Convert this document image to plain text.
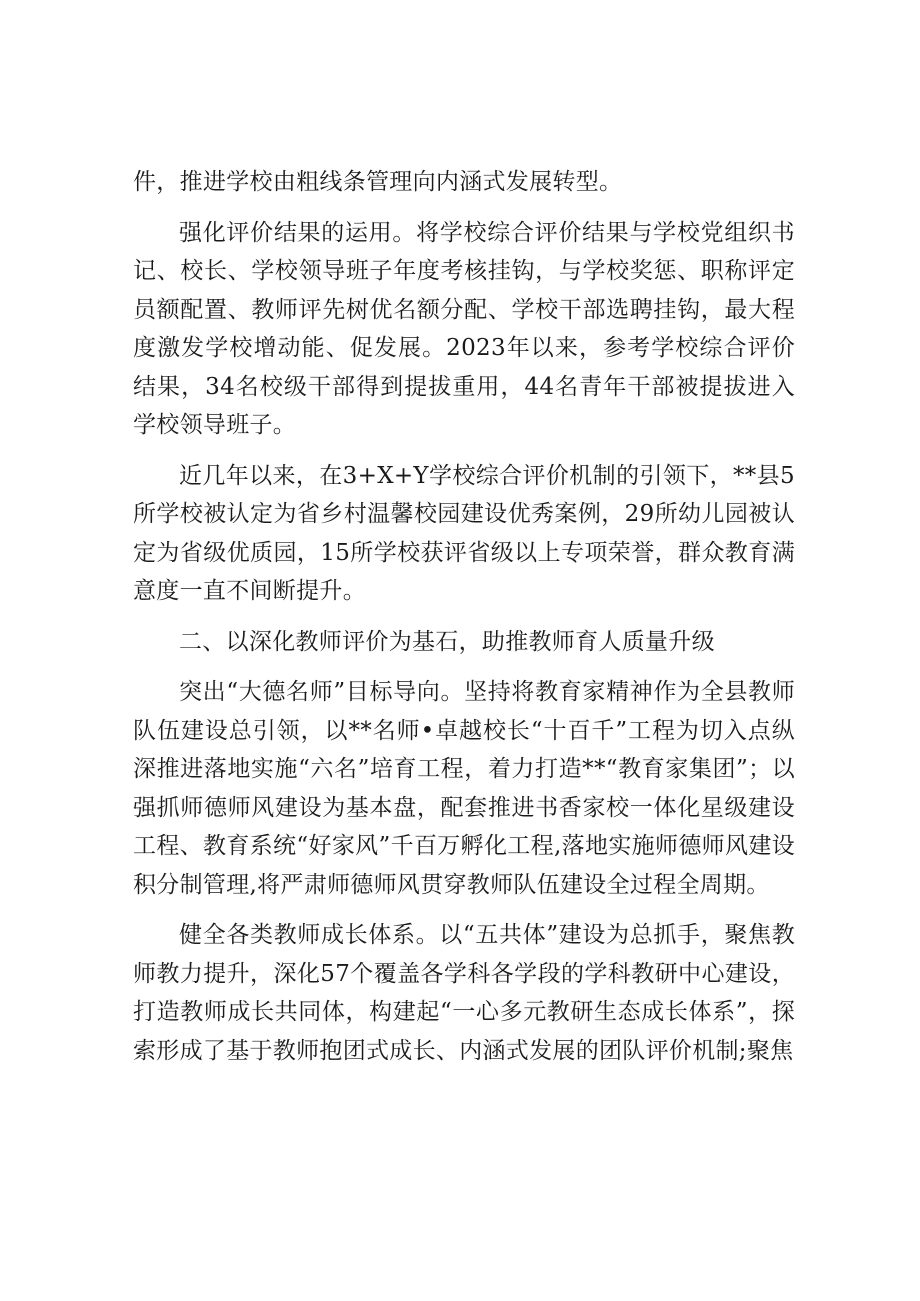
件，推进学校由粗线条管理向内涵式发展转型。

强化评价结果的运用。将学校综合评价结果与学校党组织书记、校长、学校领导班子年度考核挂钩，与学校奖惩、职称评定员额配置、教师评先树优名额分配、学校干部选聘挂钩，最大程度激发学校增动能、促发展。2023年以来，参考学校综合评价结果，34名校级干部得到提拔重用，44名青年干部被提拔进入学校领导班子。

近几年以来，在3+X+Y学校综合评价机制的引领下，**县5所学校被认定为省乡村温馨校园建设优秀案例，29所幼儿园被认定为省级优质园，15所学校获评省级以上专项荣誉，群众教育满意度一直不间断提升。

二、以深化教师评价为基石，助推教师育人质量升级

突出“大德名师”目标导向。坚持将教育家精神作为全县教师队伍建设总引领，以**名师•卓越校长“十百千”工程为切入点纵深推进落地实施“六名”培育工程，着力打造**“教育家集团”；以强抓师德师风建设为基本盘，配套推进书香家校一体化星级建设工程、教育系统“好家风”千百万孵化工程,落地实施师德师风建设积分制管理,将严肃师德师风贯穿教师队伍建设全过程全周期。

健全各类教师成长体系。以“五共体”建设为总抓手，聚焦教师教力提升，深化57个覆盖各学科各学段的学科教研中心建设，打造教师成长共同体，构建起“一心多元教研生态成长体系”，探索形成了基于教师抱团式成长、内涵式发展的团队评价机制;聚焦
